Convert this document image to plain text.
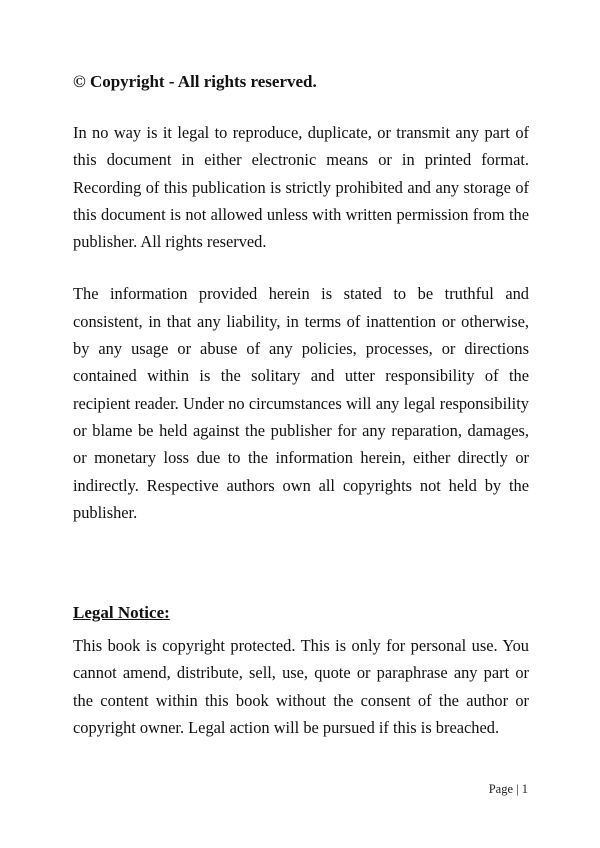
© Copyright - All rights reserved.

In no way is it legal to reproduce, duplicate, or transmit any part of this document in either electronic means or in printed format. Recording of this publication is strictly prohibited and any storage of this document is not allowed unless with written permission from the publisher. All rights reserved.

The information provided herein is stated to be truthful and consistent, in that any liability, in terms of inattention or otherwise, by any usage or abuse of any policies, processes, or directions contained within is the solitary and utter responsibility of the recipient reader. Under no circumstances will any legal responsibility or blame be held against the publisher for any reparation, damages, or monetary loss due to the information herein, either directly or indirectly. Respective authors own all copyrights not held by the publisher.

Legal Notice:

This book is copyright protected. This is only for personal use. You cannot amend, distribute, sell, use, quote or paraphrase any part or the content within this book without the consent of the author or copyright owner. Legal action will be pursued if this is breached.

Page | 1
